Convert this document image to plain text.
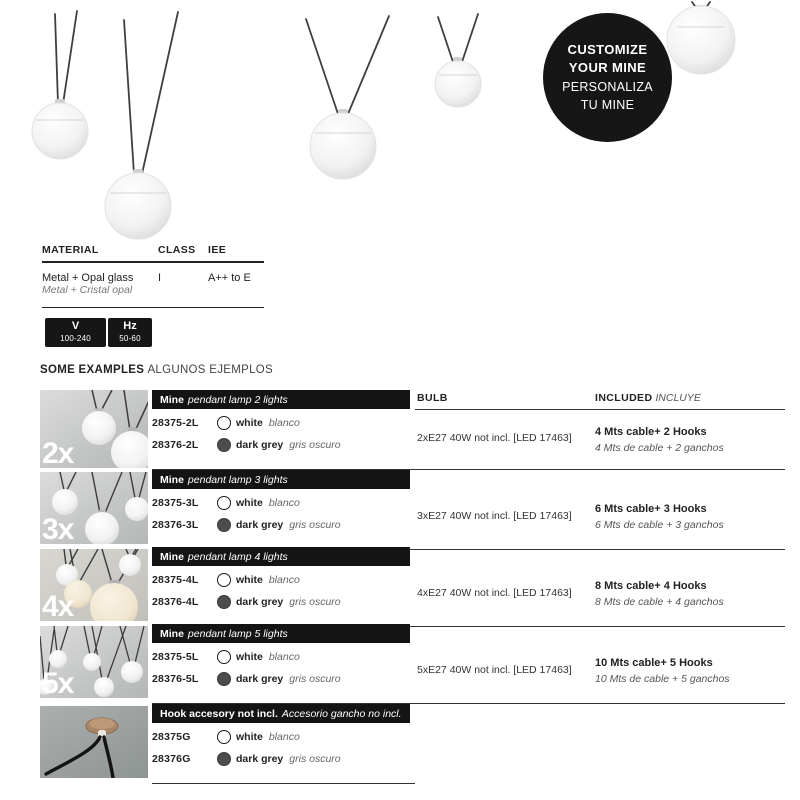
CUSTOMIZE
YOUR MINE
PERSONALIZA
TU MINE
MATERIAL	CLASS	IEE
Metal + Opal glass
Metal + Cristal opal
I	A++ to E
V
100-240
Hz
50-60
SOME EXAMPLES ALGUNOS EJEMPLOS
2x
Mine pendant lamp 2 lights	BULB	INCLUDED INCLUYE
28375-2L	white blanco
28376-2L	dark grey gris oscuro
2xE27 40W not incl. [LED 17463]	4 Mts cable+ 2 Hooks
4 Mts de cable + 2 ganchos
3x
Mine pendant lamp 3 lights
28375-3L	white blanco
28376-3L	dark grey gris oscuro
3xE27 40W not incl. [LED 17463]
6 Mts cable+ 3 Hooks
6 Mts de cable + 3 ganchos
4x
Mine pendant lamp 4 lights
28375-4L	white blanco
28376-4L	dark grey gris oscuro
4xE27 40W not incl. [LED 17463]
8 Mts cable+ 4 Hooks
8 Mts de cable + 4 ganchos
5x
Mine pendant lamp 5 lights
28375-5L	white blanco
28376-5L	dark grey gris oscuro
5xE27 40W not incl. [LED 17463]
10 Mts cable+ 5 Hooks
10 Mts de cable + 5 ganchos
Hook accesory not incl. Accesorio gancho no incl.
28375G	white blanco
28376G	dark grey gris oscuro
